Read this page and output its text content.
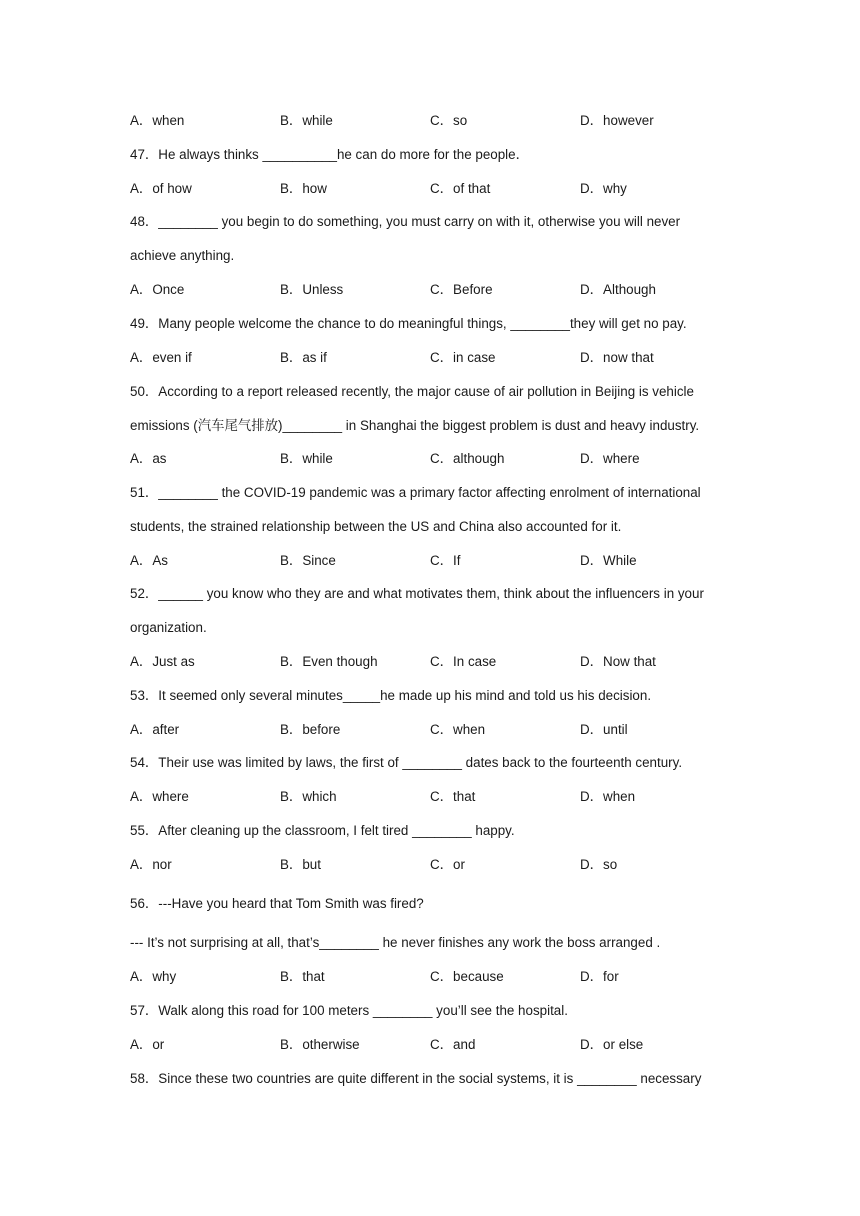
A．when	B．while	C．so	D．however
47．He always thinks __________he can do more for the people．
A．of how	B．how	C．of that	D．why
48．________ you begin to do something, you must carry on with it, otherwise you will never
achieve anything.
A．Once	B．Unless	C．Before	D．Although
49．Many people welcome the chance to do meaningful things, ________they will get no pay.
A．even if	B．as if	C．in case	D．now that
50．According to a report released recently, the major cause of air pollution in Beijing is vehicle
emissions (汽车尾气排放)________ in Shanghai the biggest problem is dust and heavy industry.
A．as	B．while	C．although	D．where
51．________ the COVID-19 pandemic was a primary factor affecting enrolment of international
students, the strained relationship between the US and China also accounted for it.
A．As	B．Since	C．If	D．While
52．______ you know who they are and what motivates them, think about the influencers in your
organization.
A．Just as	B．Even though	C．In case	D．Now that
53．It seemed only several minutes_____he made up his mind and told us his decision.
A．after	B．before	C．when	D．until
54．Their use was limited by laws, the first of ________ dates back to the fourteenth century.
A．where	B．which	C．that	D．when
55．After cleaning up the classroom, I felt tired ________ happy.
A．nor	B．but	C．or	D．so
56．---Have you heard that Tom Smith was fired?
--- It’s not surprising at all, that’s________ he never finishes any work the boss arranged .
A．why	B．that	C．because	D．for
57．Walk along this road for 100 meters ________ you’ll see the hospital.
A．or	B．otherwise	C．and	D．or else
58．Since these two countries are quite different in the social systems, it is ________ necessary
